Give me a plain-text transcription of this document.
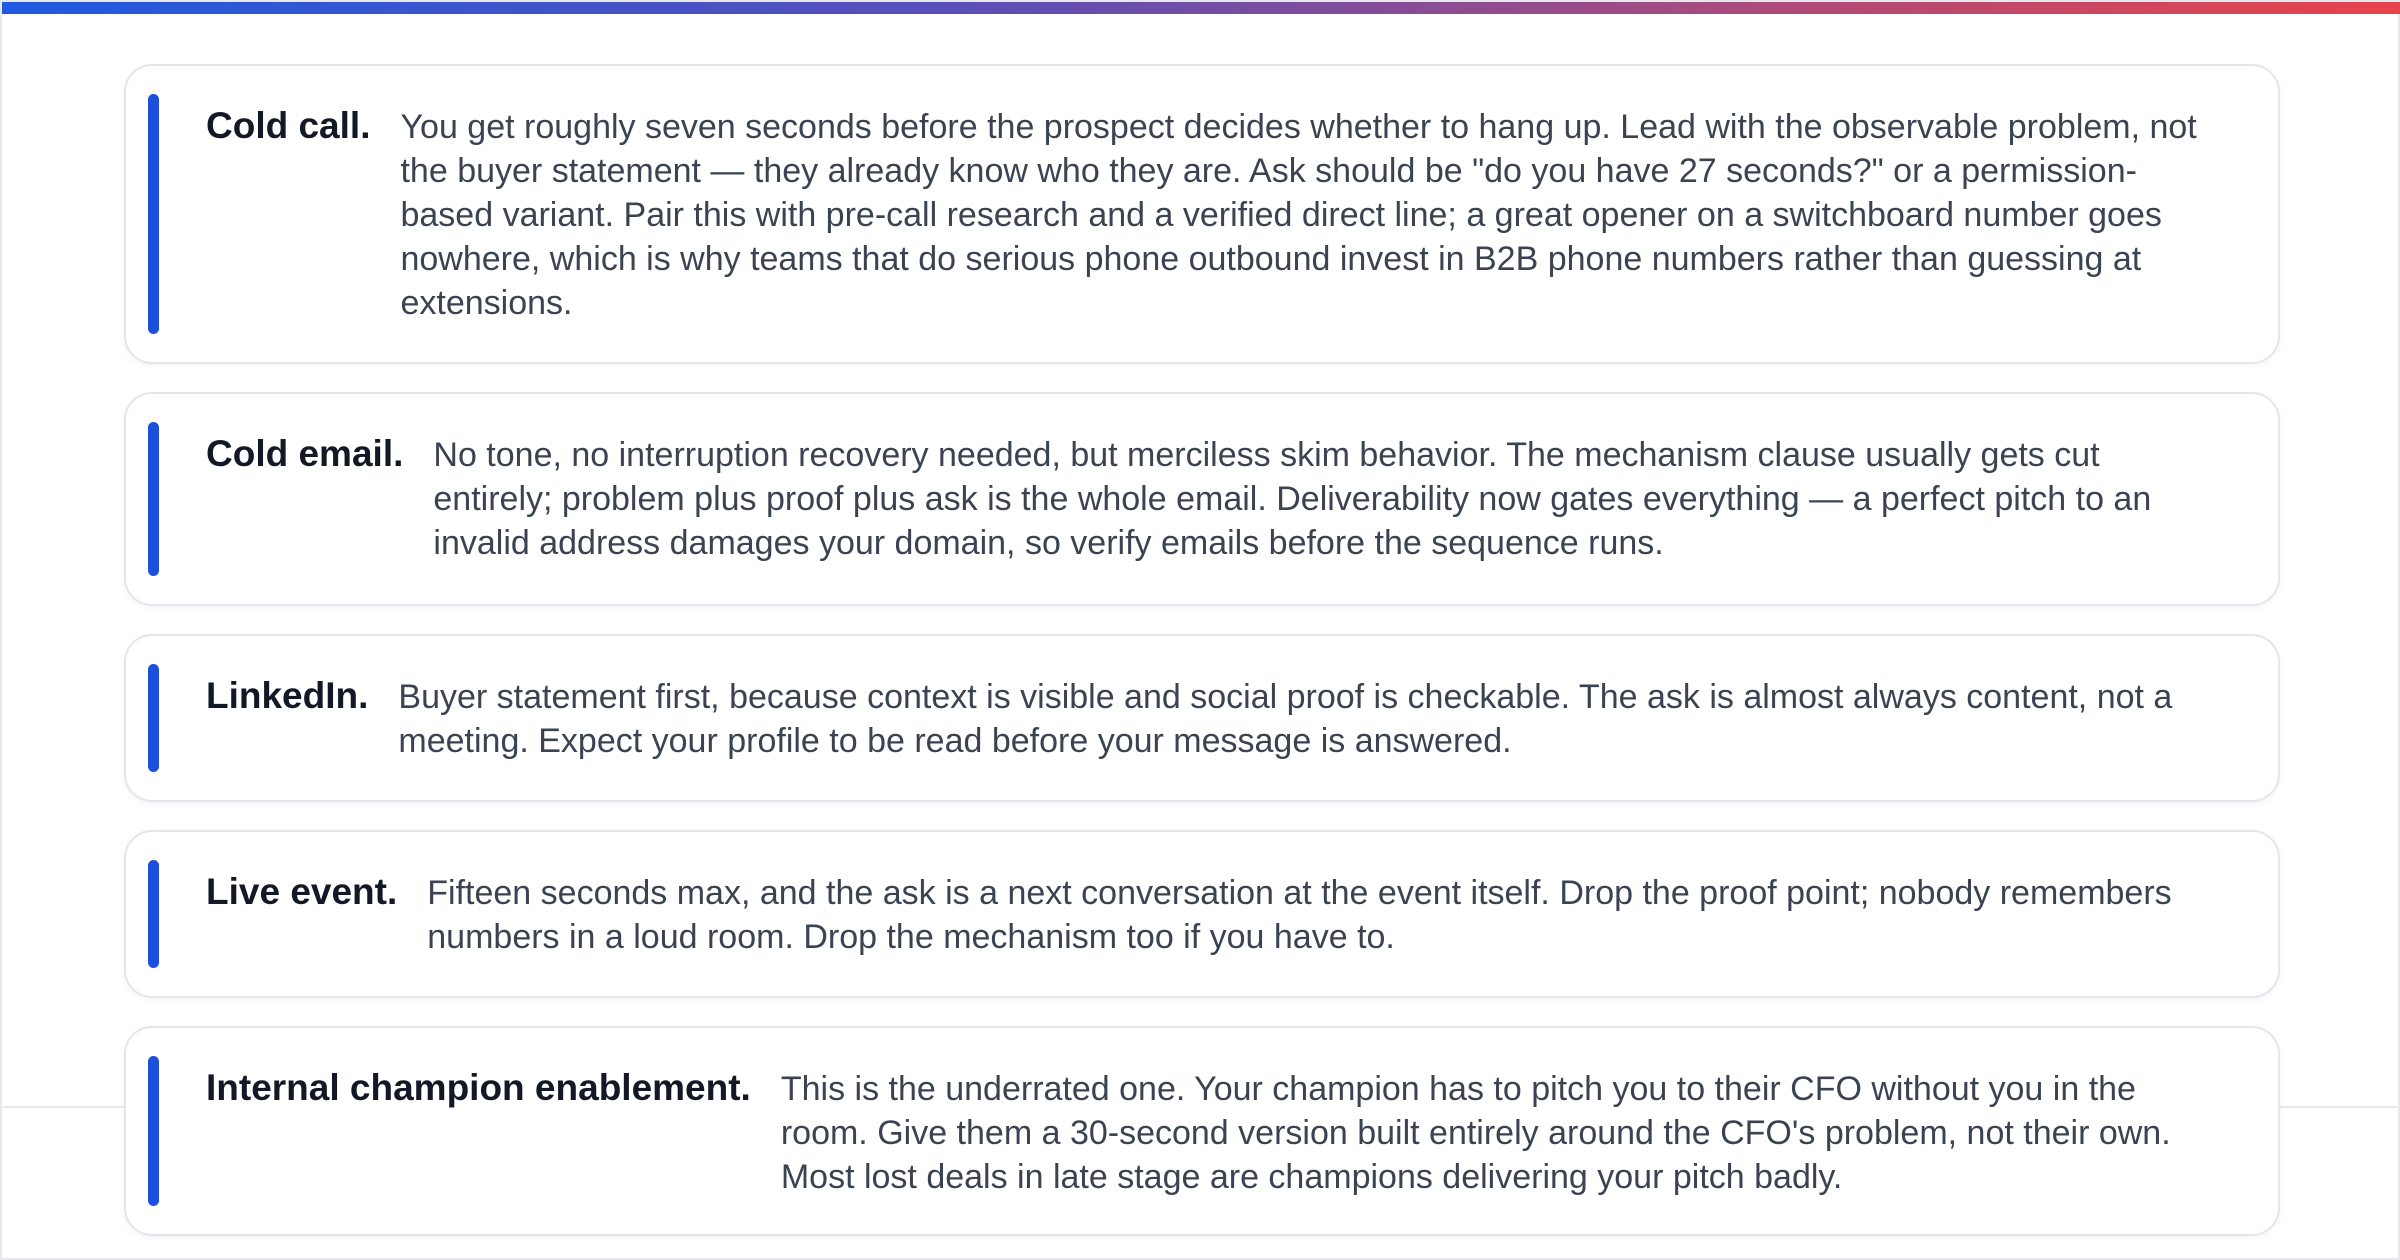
Cold call. You get roughly seven seconds before the prospect decides whether to hang up. Lead with the observable problem, not the buyer statement — they already know who they are. Ask should be "do you have 27 seconds?" or a permission-based variant. Pair this with pre-call research and a verified direct line; a great opener on a switchboard number goes nowhere, which is why teams that do serious phone outbound invest in B2B phone numbers rather than guessing at extensions.
Cold email. No tone, no interruption recovery needed, but merciless skim behavior. The mechanism clause usually gets cut entirely; problem plus proof plus ask is the whole email. Deliverability now gates everything — a perfect pitch to an invalid address damages your domain, so verify emails before the sequence runs.
LinkedIn. Buyer statement first, because context is visible and social proof is checkable. The ask is almost always content, not a meeting. Expect your profile to be read before your message is answered.
Live event. Fifteen seconds max, and the ask is a next conversation at the event itself. Drop the proof point; nobody remembers numbers in a loud room. Drop the mechanism too if you have to.
Internal champion enablement. This is the underrated one. Your champion has to pitch you to their CFO without you in the room. Give them a 30-second version built entirely around the CFO's problem, not their own. Most lost deals in late stage are champions delivering your pitch badly.
